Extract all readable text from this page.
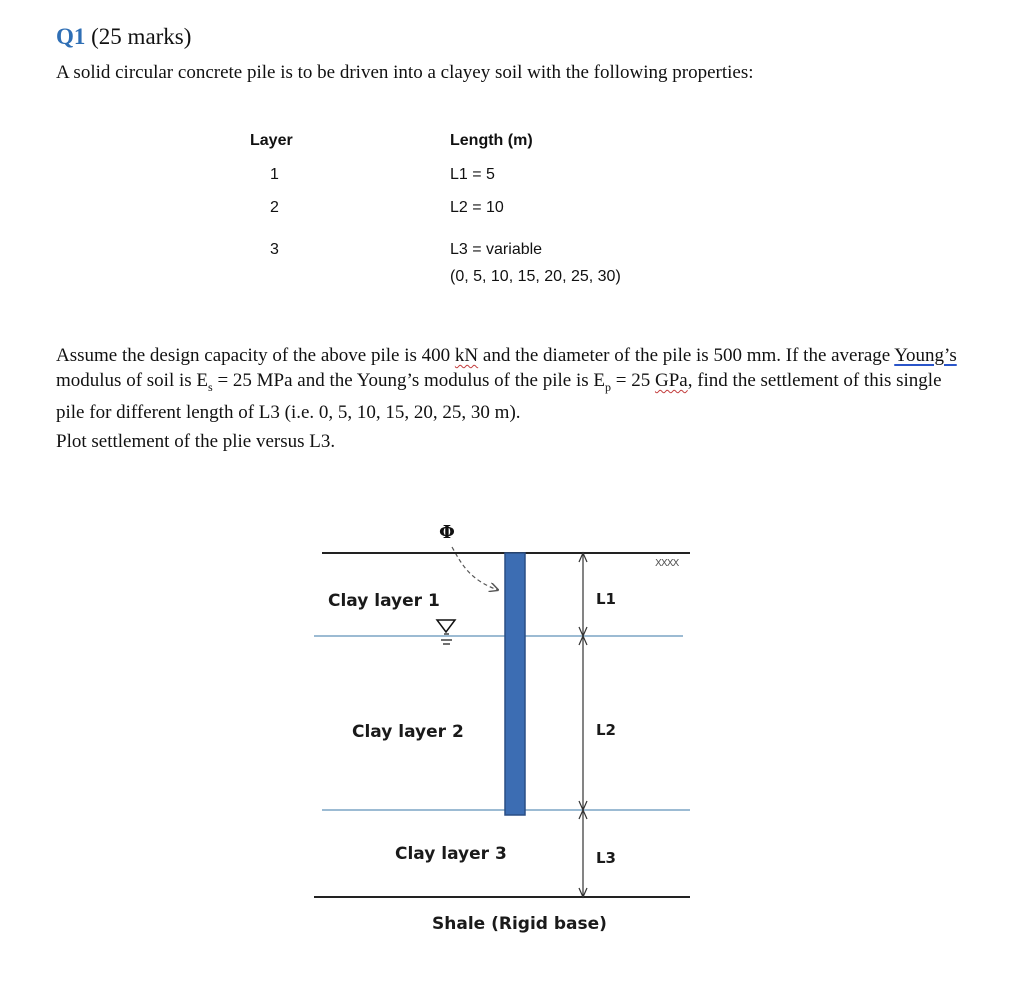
Q1 (25 marks)
A solid circular concrete pile is to be driven into a clayey soil with the following properties:
Layer	Length (m)
1	L1 = 5
2	L2 = 10
3	L3 = variable
(0, 5, 10, 15, 20, 25, 30)
Assume the design capacity of the above pile is 400 kN and the diameter of the pile is 500 mm. If the average Young’s modulus of soil is $E_s = 25$ MPa and the Young’s modulus of the pile is $E_p = 25$ GPa, find the settlement of this single pile for different length of L3 (i.e. 0, 5, 10, 15, 20, 25, 30 m).
Plot settlement of the plie versus L3.
Φ
XXXX
Clay layer 1
Clay layer 2
Clay layer 3
L1
L2
L3
Shale (Rigid base)
